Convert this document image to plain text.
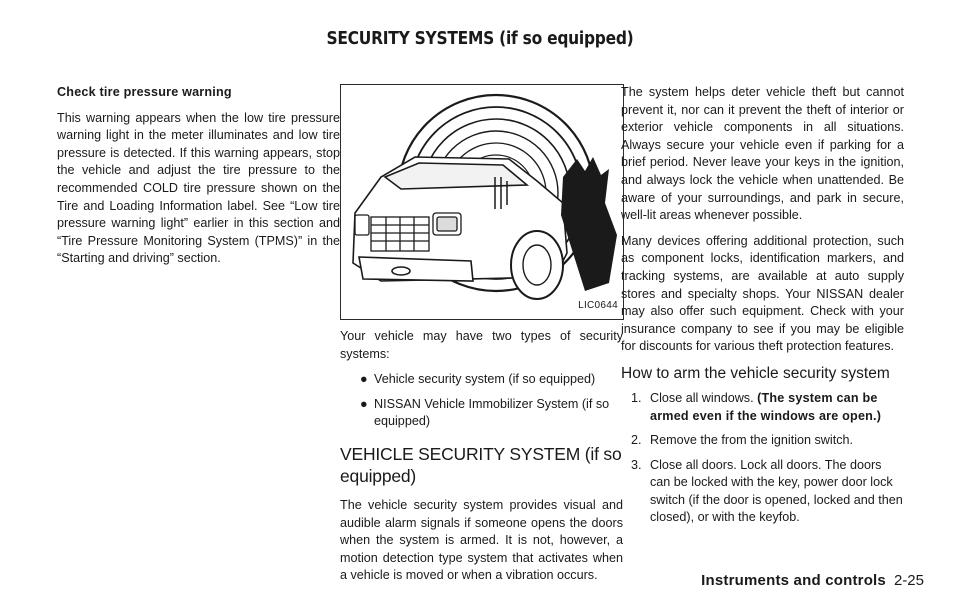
SECURITY SYSTEMS (if so equipped)

Check tire pressure warning

This warning appears when the low tire pressure warning light in the meter illuminates and low tire pressure is detected. If this warning appears, stop the vehicle and adjust the tire pressure to the recommended COLD tire pressure shown on the Tire and Loading Information label. See “Low tire pressure warning light” earlier in this section and “Tire Pressure Monitoring System (TPMS)” in the “Starting and driving” section.

LIC0644

Your vehicle may have two types of security systems:

● Vehicle security system (if so equipped)
● NISSAN Vehicle Immobilizer System (if so equipped)
VEHICLE SECURITY SYSTEM (if so equipped)

The vehicle security system provides visual and audible alarm signals if someone opens the doors when the system is armed. It is not, however, a motion detection type system that activates when a vehicle is moved or when a vibration occurs.

The system helps deter vehicle theft but cannot prevent it, nor can it prevent the theft of interior or exterior vehicle components in all situations. Always secure your vehicle even if parking for a brief period. Never leave your keys in the ignition, and always lock the vehicle when unattended. Be aware of your surroundings, and park in secure, well-lit areas whenever possible.

Many devices offering additional protection, such as component locks, identification markers, and tracking systems, are available at auto supply stores and specialty shops. Your NISSAN dealer may also offer such equipment. Check with your insurance company to see if you may be eligible for discounts for various theft protection features.

How to arm the vehicle security system
1. Close all windows. (The system can be armed even if the windows are open.)
2. Remove the from the ignition switch.
3. Close all doors. Lock all doors. The doors can be locked with the key, power door lock switch (if the door is opened, locked and then closed), or with the keyfob.
Instruments and controls 2-25
